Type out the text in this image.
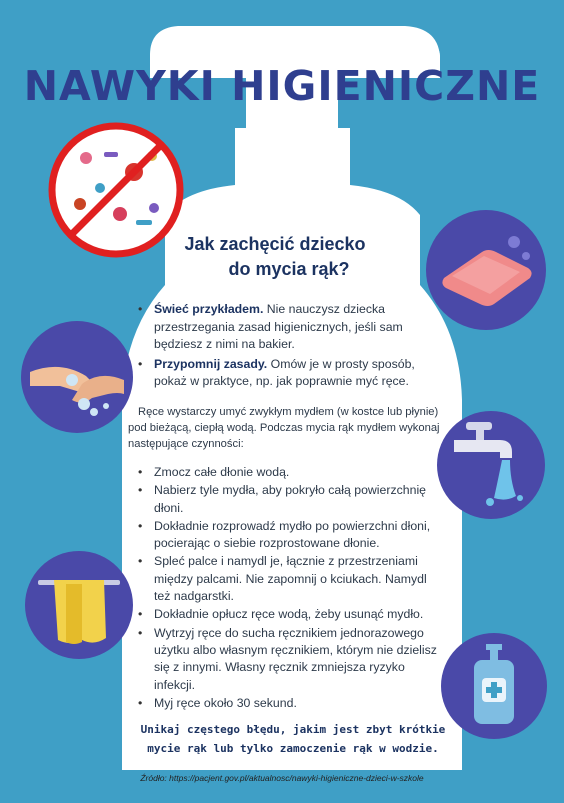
NAWYKI HIGIENICZNE
Jak zachęcić dziecko
do mycia rąk?
• Świeć przykładem. Nie nauczysz dziecka przestrzegania zasad higienicznych, jeśli sam będziesz z nimi na bakier.
• Przypomnij zasady. Omów je w prosty sposób, pokaż w praktyce, np. jak poprawnie myć ręce.
Ręce wystarczy umyć zwykłym mydłem (w kostce lub płynie) pod bieżącą, ciepłą wodą. Podczas mycia rąk mydłem wykonaj następujące czynności:
• Zmocz całe dłonie wodą.
• Nabierz tyle mydła, aby pokryło całą powierzchnię dłoni.
• Dokładnie rozprowadź mydło po powierzchni dłoni, pocierając o siebie rozprostowane dłonie.
• Spleć palce i namydl je, łącznie z przestrzeniami między palcami. Nie zapomnij o kciukach. Namydl też nadgarstki.
• Dokładnie opłucz ręce wodą, żeby usunąć mydło.
• Wytrzyj ręce do sucha ręcznikiem jednorazowego użytku albo własnym ręcznikiem, którym nie dzielisz się z innymi. Własny ręcznik zmniejsza ryzyko infekcji.
• Myj ręce około 30 sekund.
Unikaj częstego błędu, jakim jest zbyt krótkie mycie rąk lub tylko zamoczenie rąk w wodzie.
Źródło: https://pacjent.gov.pl/aktualnosc/nawyki-higieniczne-dzieci-w-szkole
